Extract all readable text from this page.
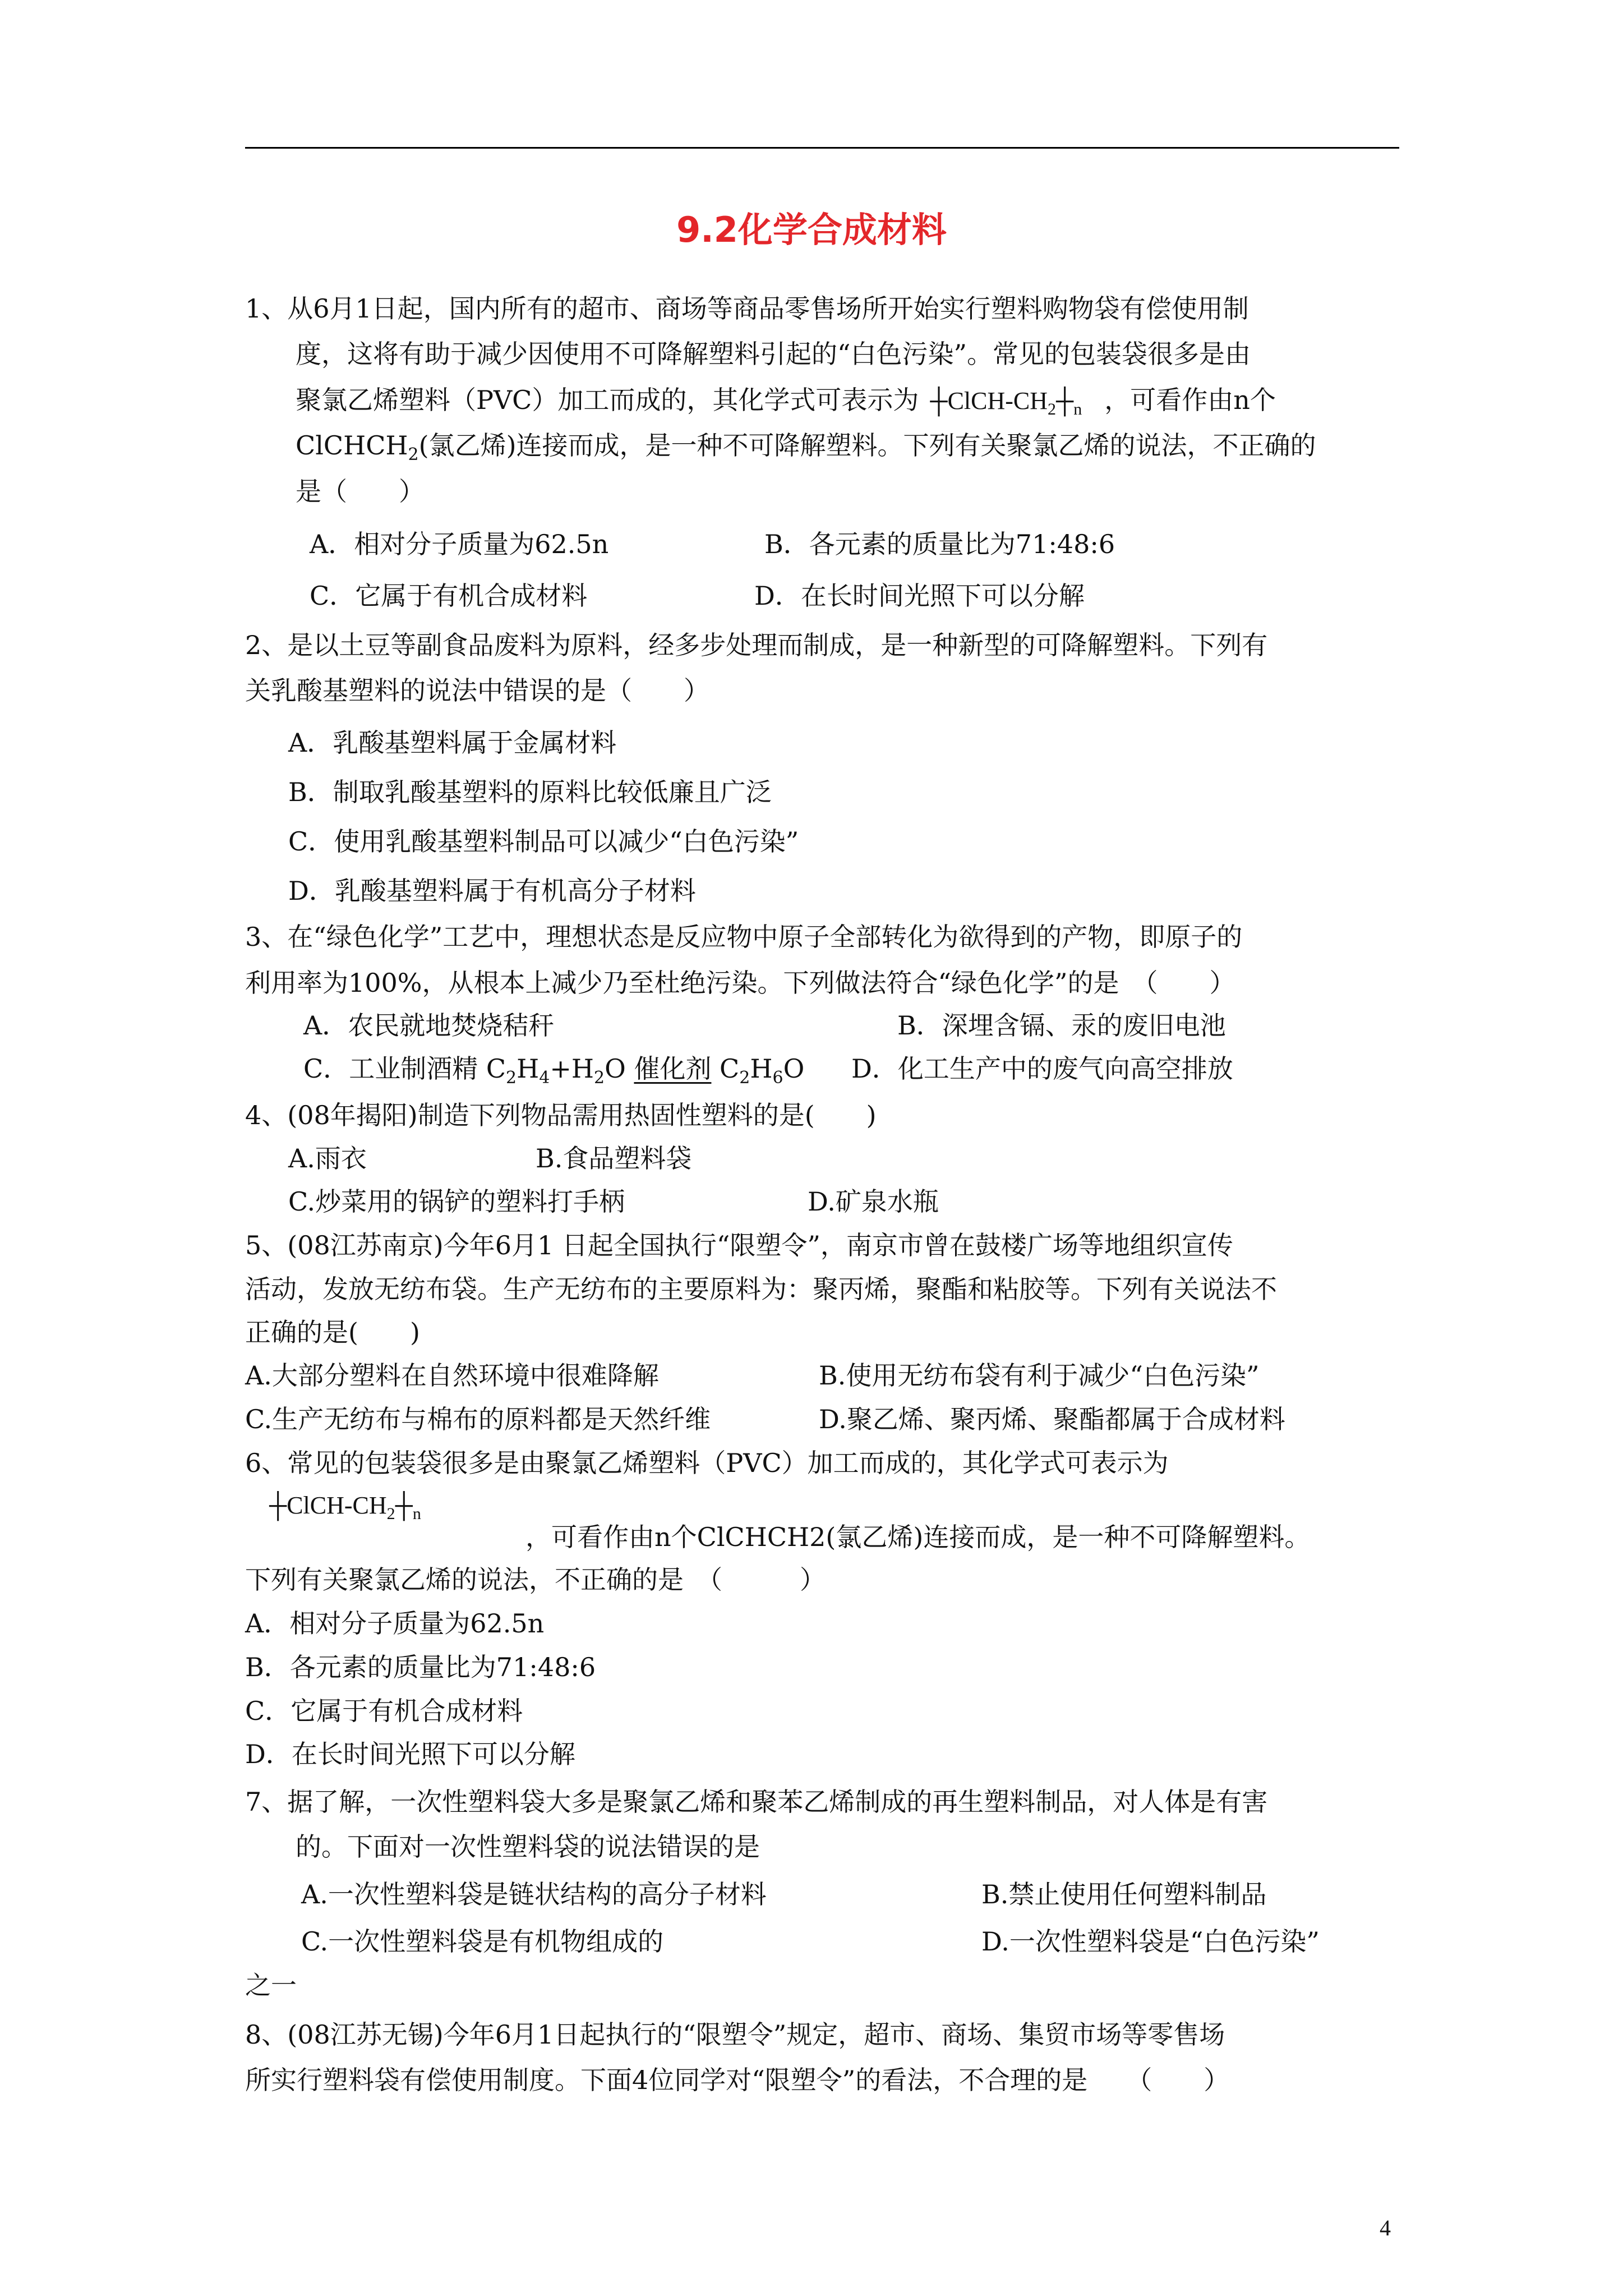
9.2化学合成材料
1、从6月1日起，国内所有的超市、商场等商品零售场所开始实行塑料购物袋有偿使用制
度，这将有助于减少因使用不可降解塑料引起的“白色污染”。常见的包装袋很多是由
聚氯乙烯塑料（PVC）加工而成的，其化学式可表示为 $┼ClCH-CH_2┼_n$ ，可看作由n个
ClCHCH$_2$(氯乙烯)连接而成，是一种不可降解塑料。下列有关聚氯乙烯的说法，不正确的
是（　　）
A．相对分子质量为62.5n	B．各元素的质量比为71:48:6
C．它属于有机合成材料	D．在长时间光照下可以分解
2、是以土豆等副食品废料为原料，经多步处理而制成，是一种新型的可降解塑料。下列有
关乳酸基塑料的说法中错误的是（　　）
A．乳酸基塑料属于金属材料
B．制取乳酸基塑料的原料比较低廉且广泛
C．使用乳酸基塑料制品可以减少“白色污染”
D．乳酸基塑料属于有机高分子材料
3、在“绿色化学”工艺中，理想状态是反应物中原子全部转化为欲得到的产物，即原子的
利用率为100%，从根本上减少乃至杜绝污染。下列做法符合“绿色化学”的是　（　　）
A．农民就地焚烧秸秆	B．深埋含镉、汞的废旧电池
C．工业制酒精 $C_2H_4+H_2O$ 催化剂 $C_2H_6O$ D．化工生产中的废气向高空排放
4、(08年揭阳)制造下列物品需用热固性塑料的是(　　)
A.雨衣	B.食品塑料袋
C.炒菜用的锅铲的塑料打手柄	D.矿泉水瓶
5、(08江苏南京)今年6月1 日起全国执行“限塑令”，南京市曾在鼓楼广场等地组织宣传
活动，发放无纺布袋。生产无纺布的主要原料为：聚丙烯，聚酯和粘胶等。下列有关说法不
正确的是(　　)
A.大部分塑料在自然环境中很难降解	B.使用无纺布袋有利于减少“白色污染”
C.生产无纺布与棉布的原料都是天然纤维	D.聚乙烯、聚丙烯、聚酯都属于合成材料
6、常见的包装袋很多是由聚氯乙烯塑料（PVC）加工而成的，其化学式可表示为
$┼ClCH-CH_2┼_n$
，可看作由n个ClCHCH2(氯乙烯)连接而成，是一种不可降解塑料。
下列有关聚氯乙烯的说法，不正确的是　（　　　）
A．相对分子质量为62.5n
B．各元素的质量比为71:48:6
C．它属于有机合成材料
D．在长时间光照下可以分解
7、据了解，一次性塑料袋大多是聚氯乙烯和聚苯乙烯制成的再生塑料制品，对人体是有害
的。下面对一次性塑料袋的说法错误的是
A.一次性塑料袋是链状结构的高分子材料	B.禁止使用任何塑料制品
C.一次性塑料袋是有机物组成的	D.一次性塑料袋是“白色污染”
之一
8、(08江苏无锡)今年6月1日起执行的“限塑令”规定，超市、商场、集贸市场等零售场
所实行塑料袋有偿使用制度。下面4位同学对“限塑令”的看法，不合理的是　　（　　）
4
